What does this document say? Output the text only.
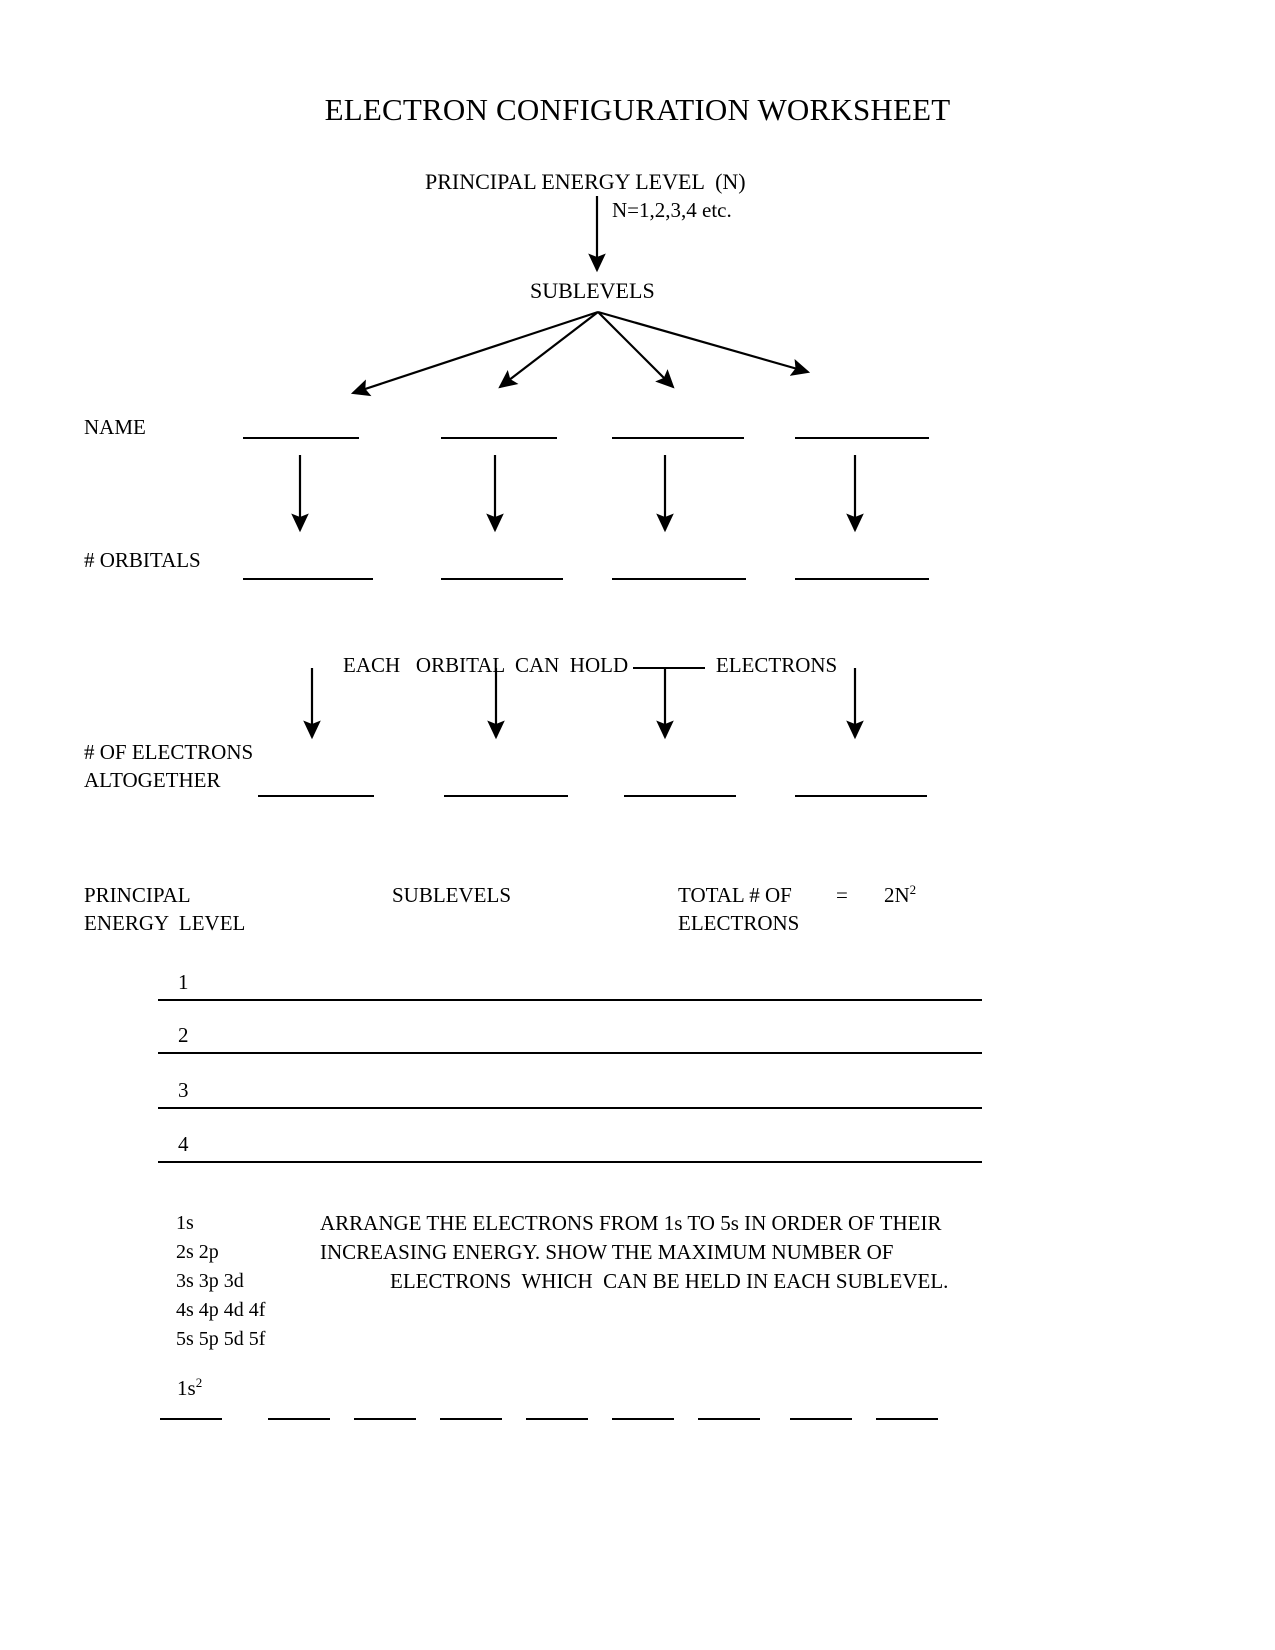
ELECTRON CONFIGURATION WORKSHEET
PRINCIPAL ENERGY LEVEL  (N)
N=1,2,3,4 etc.
SUBLEVELS
NAME
# ORBITALS

EACH   ORBITAL  CAN  HOLD	ELECTRONS

# OF ELECTRONS
ALTOGETHER
PRINCIPAL
ENERGY  LEVEL
SUBLEVELS	TOTAL # OF
ELECTRONS
= $2N^2$
1
2
3
4
1s
2s 2p
3s 3p 3d
4s 4p 4d 4f
5s 5p 5d 5f
ARRANGE THE ELECTRONS FROM 1s TO 5s IN ORDER OF THEIR
INCREASING ENERGY. SHOW THE MAXIMUM NUMBER OF
ELECTRONS  WHICH  CAN BE HELD IN EACH SUBLEVEL.
$1s^2$
